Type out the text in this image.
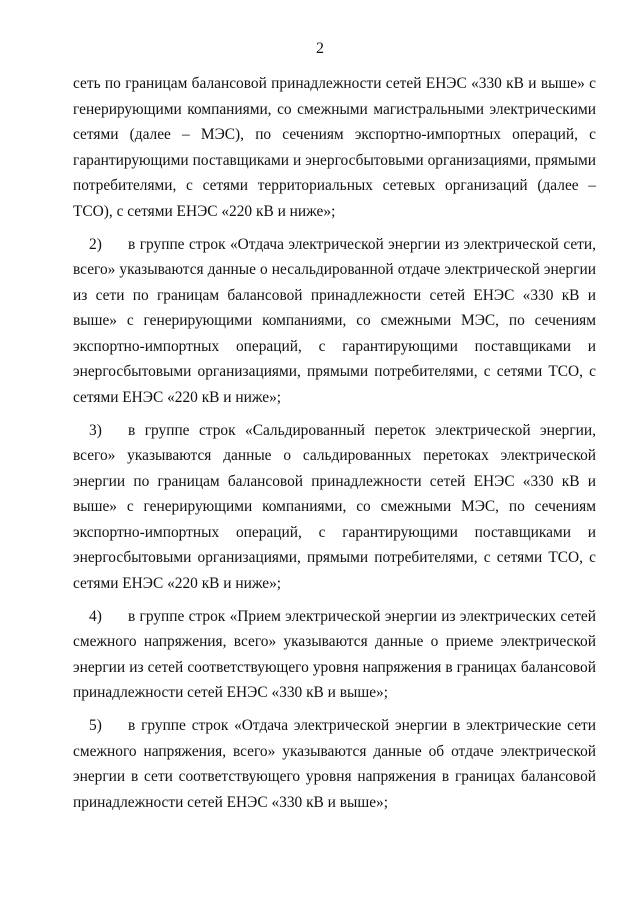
2

сеть по границам балансовой принадлежности сетей ЕНЭС «330 кВ и выше» с генерирующими компаниями, со смежными магистральными электрическими сетями (далее – МЭС), по сечениям экспортно-импортных операций, с гарантирующими поставщиками и энергосбытовыми организациями, прямыми потребителями, с сетями территориальных сетевых организаций (далее – ТСО), с сетями ЕНЭС «220 кВ и ниже»;

2) в группе строк «Отдача электрической энергии из электрической сети, всего» указываются данные о несальдированной отдаче электрической энергии из сети по границам балансовой принадлежности сетей ЕНЭС «330 кВ и выше» с генерирующими компаниями, со смежными МЭС, по сечениям экспортно-импортных операций, с гарантирующими поставщиками и энергосбытовыми организациями, прямыми потребителями, с сетями ТСО, с сетями ЕНЭС «220 кВ и ниже»;

3) в группе строк «Сальдированный переток электрической энергии, всего» указываются данные о сальдированных перетоках электрической энергии по границам балансовой принадлежности сетей ЕНЭС «330 кВ и выше» с генерирующими компаниями, со смежными МЭС, по сечениям экспортно-импортных операций, с гарантирующими поставщиками и энергосбытовыми организациями, прямыми потребителями, с сетями ТСО, с сетями ЕНЭС «220 кВ и ниже»;

4) в группе строк «Прием электрической энергии из электрических сетей смежного напряжения, всего» указываются данные о приеме электрической энергии из сетей соответствующего уровня напряжения в границах балансовой принадлежности сетей ЕНЭС «330 кВ и выше»;

5) в группе строк «Отдача электрической энергии в электрические сети смежного напряжения, всего» указываются данные об отдаче электрической энергии в сети соответствующего уровня напряжения в границах балансовой принадлежности сетей ЕНЭС «330 кВ и выше»;
